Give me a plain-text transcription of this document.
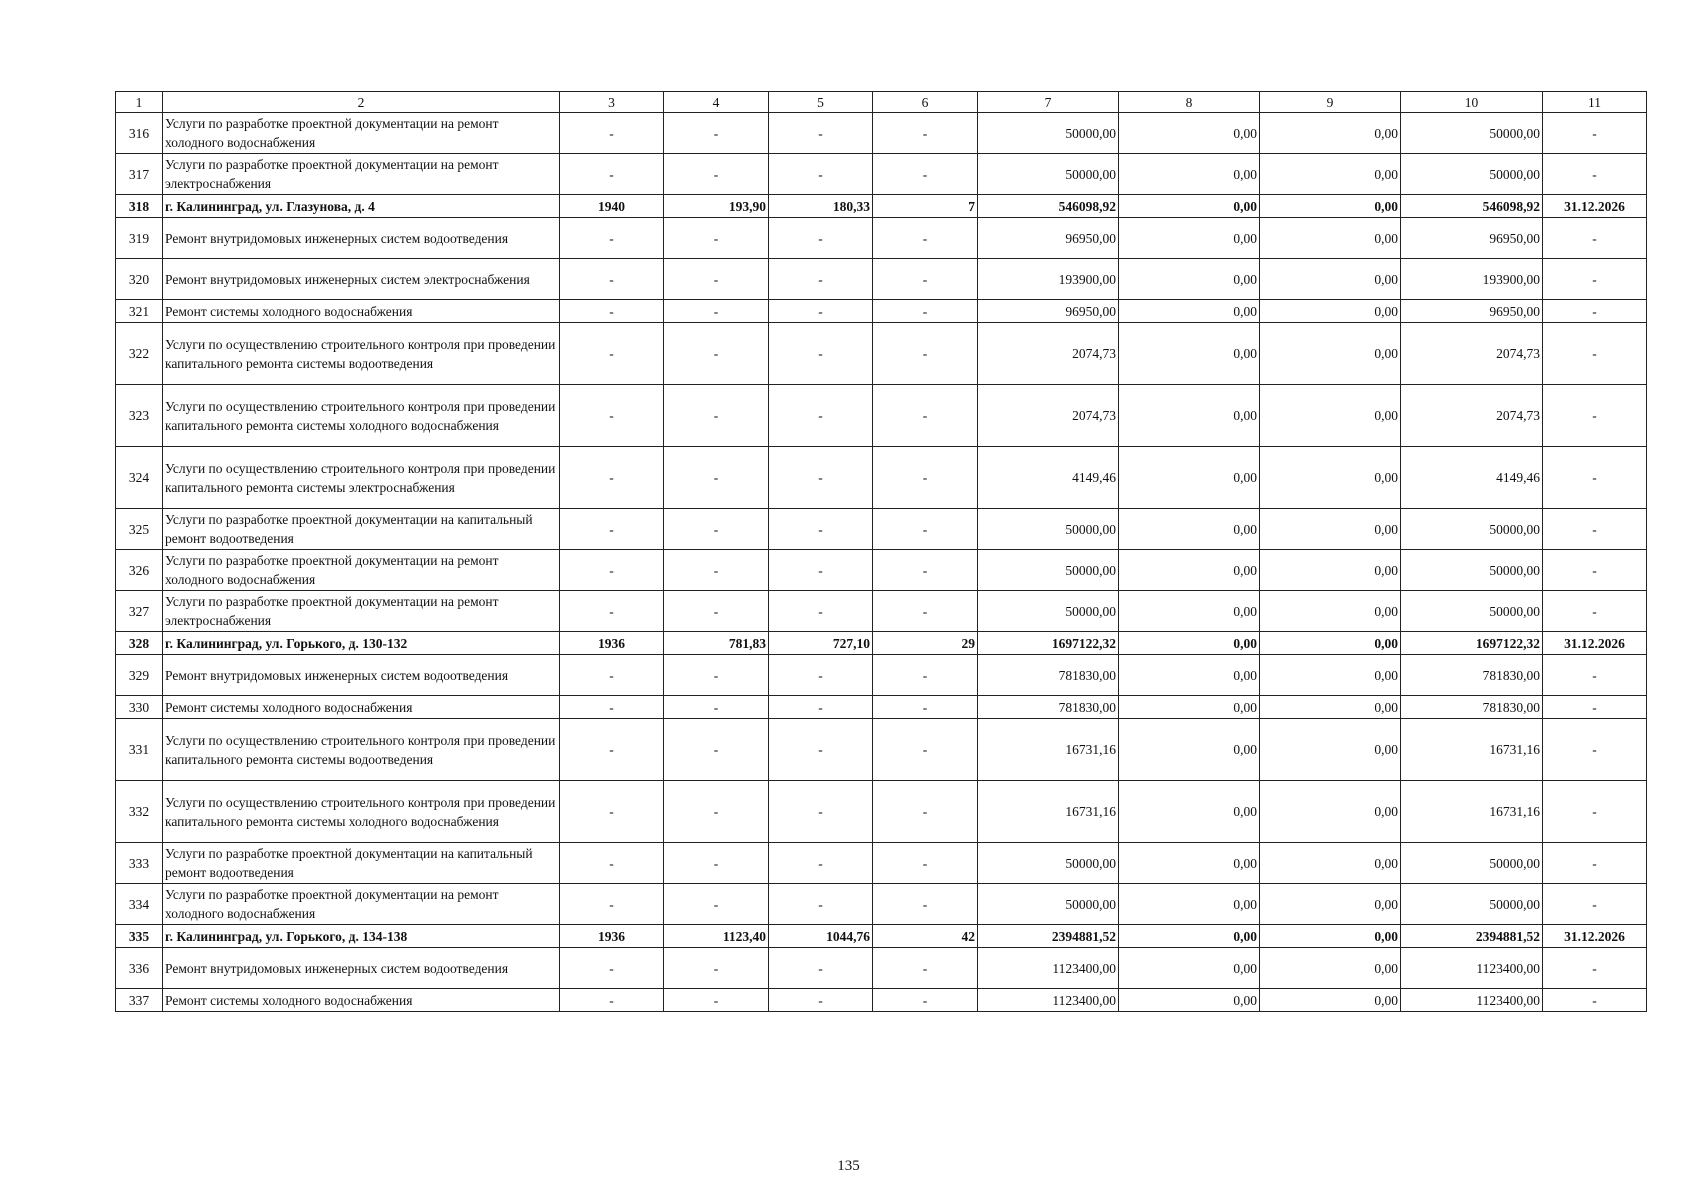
1	2	3	4	5	6	7	8	9	10	11
316	Услуги по разработке проектной документации на ремонт холодного водоснабжения	-	-	-	-	50000,00	0,00	0,00	50000,00	-
317	Услуги по разработке проектной документации на ремонт электроснабжения	-	-	-	-	50000,00	0,00	0,00	50000,00	-
318	г. Калининград, ул. Глазунова, д. 4	1940	193,90	180,33	7	546098,92	0,00	0,00	546098,92	31.12.2026
319	Ремонт внутридомовых инженерных систем водоотведения	-	-	-	-	96950,00	0,00	0,00	96950,00	-
320	Ремонт внутридомовых инженерных систем электроснабжения	-	-	-	-	193900,00	0,00	0,00	193900,00	-
321	Ремонт системы холодного водоснабжения	-	-	-	-	96950,00	0,00	0,00	96950,00	-
322	Услуги по осуществлению строительного контроля при проведении капитального ремонта системы водоотведения	-	-	-	-	2074,73	0,00	0,00	2074,73	-
323	Услуги по осуществлению строительного контроля при проведении капитального ремонта системы холодного водоснабжения	-	-	-	-	2074,73	0,00	0,00	2074,73	-
324	Услуги по осуществлению строительного контроля при проведении капитального ремонта системы электроснабжения	-	-	-	-	4149,46	0,00	0,00	4149,46	-
325	Услуги по разработке проектной документации на капитальный ремонт водоотведения	-	-	-	-	50000,00	0,00	0,00	50000,00	-
326	Услуги по разработке проектной документации на ремонт холодного водоснабжения	-	-	-	-	50000,00	0,00	0,00	50000,00	-
327	Услуги по разработке проектной документации на ремонт электроснабжения	-	-	-	-	50000,00	0,00	0,00	50000,00	-
328	г. Калининград, ул. Горького, д. 130-132	1936	781,83	727,10	29	1697122,32	0,00	0,00	1697122,32	31.12.2026
329	Ремонт внутридомовых инженерных систем водоотведения	-	-	-	-	781830,00	0,00	0,00	781830,00	-
330	Ремонт системы холодного водоснабжения	-	-	-	-	781830,00	0,00	0,00	781830,00	-
331	Услуги по осуществлению строительного контроля при проведении капитального ремонта системы водоотведения	-	-	-	-	16731,16	0,00	0,00	16731,16	-
332	Услуги по осуществлению строительного контроля при проведении капитального ремонта системы холодного водоснабжения	-	-	-	-	16731,16	0,00	0,00	16731,16	-
333	Услуги по разработке проектной документации на капитальный ремонт водоотведения	-	-	-	-	50000,00	0,00	0,00	50000,00	-
334	Услуги по разработке проектной документации на ремонт холодного водоснабжения	-	-	-	-	50000,00	0,00	0,00	50000,00	-
335	г. Калининград, ул. Горького, д. 134-138	1936	1123,40	1044,76	42	2394881,52	0,00	0,00	2394881,52	31.12.2026
336	Ремонт внутридомовых инженерных систем водоотведения	-	-	-	-	1123400,00	0,00	0,00	1123400,00	-
337	Ремонт системы холодного водоснабжения	-	-	-	-	1123400,00	0,00	0,00	1123400,00	-
135
